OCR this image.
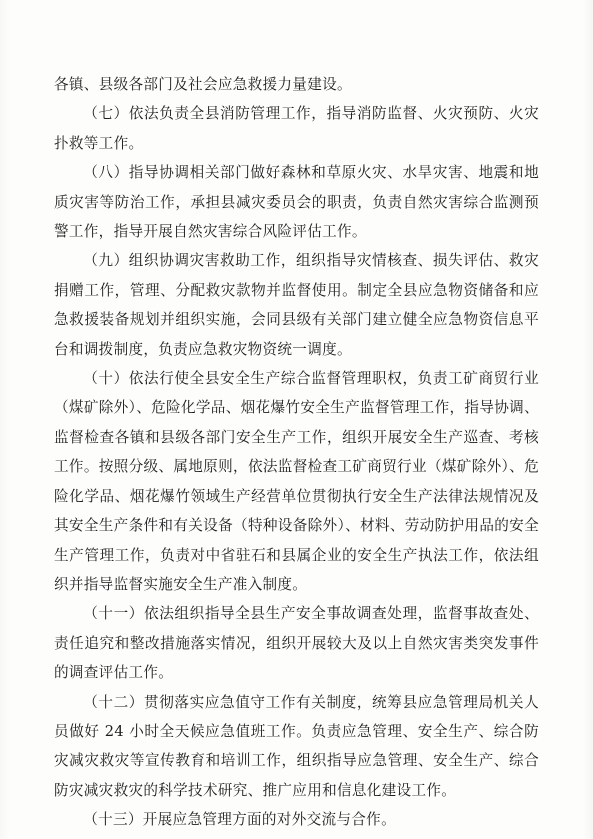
各镇、县级各部门及社会应急救援力量建设。

（七）依法负责全县消防管理工作，指导消防监督、火灾预防、火灾扑救等工作。

（八）指导协调相关部门做好森林和草原火灾、水旱灾害、地震和地质灾害等防治工作，承担县减灾委员会的职责，负责自然灾害综合监测预警工作，指导开展自然灾害综合风险评估工作。

（九）组织协调灾害救助工作，组织指导灾情核查、损失评估、救灾捐赠工作，管理、分配救灾款物并监督使用。制定全县应急物资储备和应急救援装备规划并组织实施，会同县级有关部门建立健全应急物资信息平台和调拨制度，负责应急救灾物资统一调度。

（十）依法行使全县安全生产综合监督管理职权，负责工矿商贸行业（煤矿除外）、危险化学品、烟花爆竹安全生产监督管理工作，指导协调、监督检查各镇和县级各部门安全生产工作，组织开展安全生产巡查、考核工作。按照分级、属地原则，依法监督检查工矿商贸行业（煤矿除外）、危险化学品、烟花爆竹领域生产经营单位贯彻执行安全生产法律法规情况及其安全生产条件和有关设备（特种设备除外）、材料、劳动防护用品的安全生产管理工作，负责对中省驻石和县属企业的安全生产执法工作，依法组织并指导监督实施安全生产准入制度。

（十一）依法组织指导全县生产安全事故调查处理，监督事故查处、责任追究和整改措施落实情况，组织开展较大及以上自然灾害类突发事件的调查评估工作。

（十二）贯彻落实应急值守工作有关制度，统筹县应急管理局机关人员做好 24 小时全天候应急值班工作。负责应急管理、安全生产、综合防灾减灾救灾等宣传教育和培训工作，组织指导应急管理、安全生产、综合防灾减灾救灾的科学技术研究、推广应用和信息化建设工作。

（十三）开展应急管理方面的对外交流与合作。
